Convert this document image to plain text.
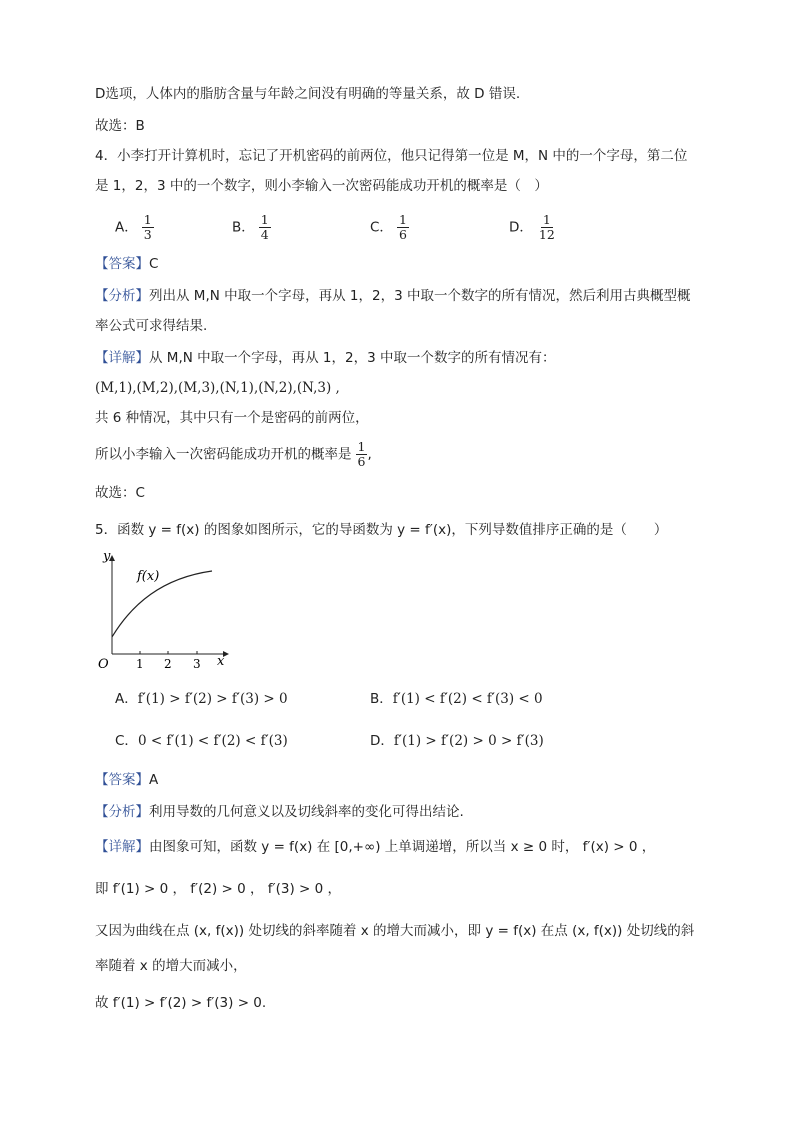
D选项，人体内的脂肪含量与年龄之间没有明确的等量关系，故 D 错误.
故选：B
4．小李打开计算机时，忘记了开机密码的前两位，他只记得第一位是 M，N 中的一个字母，第二位
是 1，2，3 中的一个数字，则小李输入一次密码能成功开机的概率是（　）
A． $\frac{1}{3}$	B． $\frac{1}{4}$	C． $\frac{1}{6}$	D． $\frac{1}{12}$
【答案】C
【分析】列出从 M,N 中取一个字母，再从 1，2，3 中取一个数字的所有情况，然后利用古典概型概
率公式可求得结果.
【详解】从 M,N 中取一个字母，再从 1，2，3 中取一个数字的所有情况有：
(M,1),(M,2),(M,3),(N,1),(N,2),(N,3) ,
共 6 种情况，其中只有一个是密码的前两位，
所以小李输入一次密码能成功开机的概率是 $\frac{1}{6}$ ,
故选：C
5．函数 y = f(x) 的图象如图所示，它的导函数为 y = f′(x)，下列导数值排序正确的是（　　）
y
x
O
f(x)
1 2 3
A．f′(1) > f′(2) > f′(3) > 0	B．f′(1) < f′(2) < f′(3) < 0
C．0 < f′(1) < f′(2) < f′(3)	D．f′(1) > f′(2) > 0 > f′(3)
【答案】A
【分析】利用导数的几何意义以及切线斜率的变化可得出结论.
【详解】由图象可知，函数 y = f(x) 在 [0,+∞) 上单调递增，所以当 x ≥ 0 时， f′(x) > 0 ，
即 f′(1) > 0 ， f′(2) > 0 ， f′(3) > 0 ，
又因为曲线在点 (x, f(x)) 处切线的斜率随着 x 的增大而减小，即 y = f(x) 在点 (x, f(x)) 处切线的斜
率随着 x 的增大而减小，
故 f′(1) > f′(2) > f′(3) > 0.
